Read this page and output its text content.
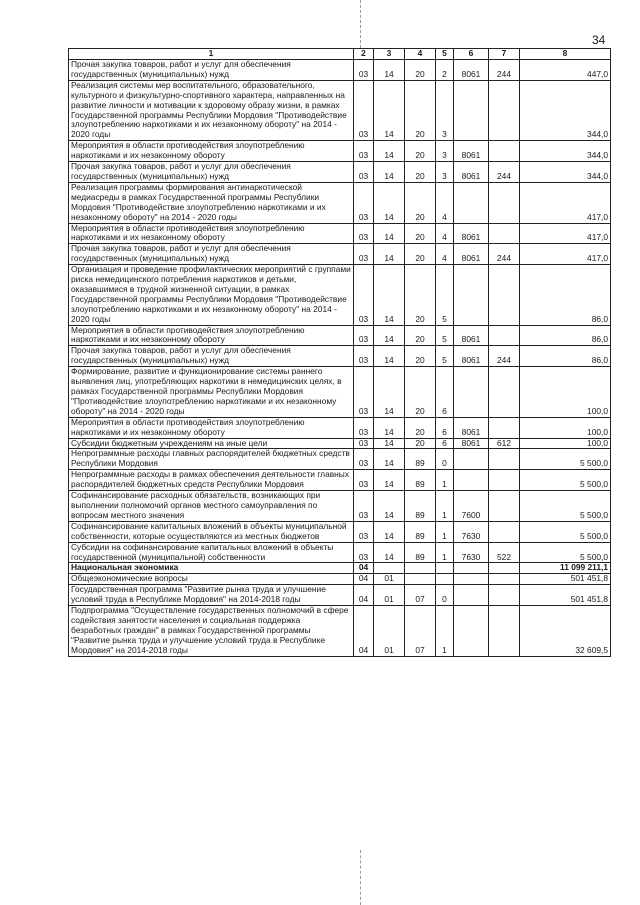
34
1	2	3	4	5	6	7	8
Прочая закупка товаров, работ и услуг для обеспечения государственных (муниципальных) нужд	03	14	20	2	8061	244	447,0
Реализация системы мер воспитательного, образовательного, культурного и физкультурно-спортивного характера, направленных на развитие личности и мотивации к здоровому образу жизни, в рамках Государственной программы Республики Мордовия "Противодействие злоупотреблению наркотиками и их незаконному обороту" на 2014 - 2020 годы	03	14	20	3			344,0
Мероприятия в области противодействия злоупотреблению наркотиками и их незаконному обороту	03	14	20	3	8061		344,0
Прочая закупка товаров, работ и услуг для обеспечения государственных (муниципальных) нужд	03	14	20	3	8061	244	344,0
Реализация программы формирования антинаркотической медиасреды в рамках Государственной программы Республики Мордовия "Противодействие злоупотреблению наркотиками и их незаконному обороту" на 2014 - 2020 годы	03	14	20	4			417,0
Мероприятия в области противодействия злоупотреблению наркотиками и их незаконному обороту	03	14	20	4	8061		417,0
Прочая закупка товаров, работ и услуг для обеспечения государственных (муниципальных) нужд	03	14	20	4	8061	244	417,0
Организация и проведение профилактических мероприятий с группами риска немедицинского потребления наркотиков и детьми, оказавшимися в трудной жизненной ситуации, в рамках Государственной программы Республики Мордовия "Противодействие злоупотреблению наркотиками и их незаконному обороту" на 2014 - 2020 годы	03	14	20	5			86,0
Мероприятия в области противодействия злоупотреблению наркотиками и их незаконному обороту	03	14	20	5	8061		86,0
Прочая закупка товаров, работ и услуг для обеспечения государственных (муниципальных) нужд	03	14	20	5	8061	244	86,0
Формирование, развитие и функционирование системы раннего выявления лиц, употребляющих наркотики в немедицинских целях, в рамках Государственной программы Республики Мордовия "Противодействие злоупотреблению наркотиками и их незаконному обороту" на 2014 - 2020 годы	03	14	20	6			100,0
Мероприятия в области противодействия злоупотреблению наркотиками и их незаконному обороту	03	14	20	6	8061		100,0
Субсидии бюджетным учреждениям на иные цели	03	14	20	6	8061	612	100,0
Непрограммные расходы главных распорядителей бюджетных средств Республики Мордовия	03	14	89	0			5 500,0
Непрограммные расходы в рамках обеспечения деятельности главных распорядителей бюджетных средств Республики Мордовия	03	14	89	1			5 500,0
Софинансирование расходных обязательств, возникающих при выполнении полномочий органов местного самоуправления по вопросам местного значения	03	14	89	1	7600		5 500,0
Софинансирование капитальных вложений в объекты муниципальной собственности, которые осуществляются из местных бюджетов	03	14	89	1	7630		5 500,0
Субсидии на софинансирование капитальных вложений в объекты государственной (муниципальной) собственности	03	14	89	1	7630	522	5 500,0
Национальная экономика	04						11 099 211,1
Общеэкономические вопросы	04	01					501 451,8
Государственная программа "Развитие рынка труда и улучшение условий труда в Республике Мордовия" на 2014-2018 годы	04	01	07	0			501 451,8
Подпрограмма "Осуществление государственных полномочий в сфере содействия занятости населения и социальная поддержка безработных граждан" в рамках Государственной программы "Развитие рынка труда и улучшение условий труда в Республике Мордовия" на 2014-2018 годы	04	01	07	1			32 609,5
